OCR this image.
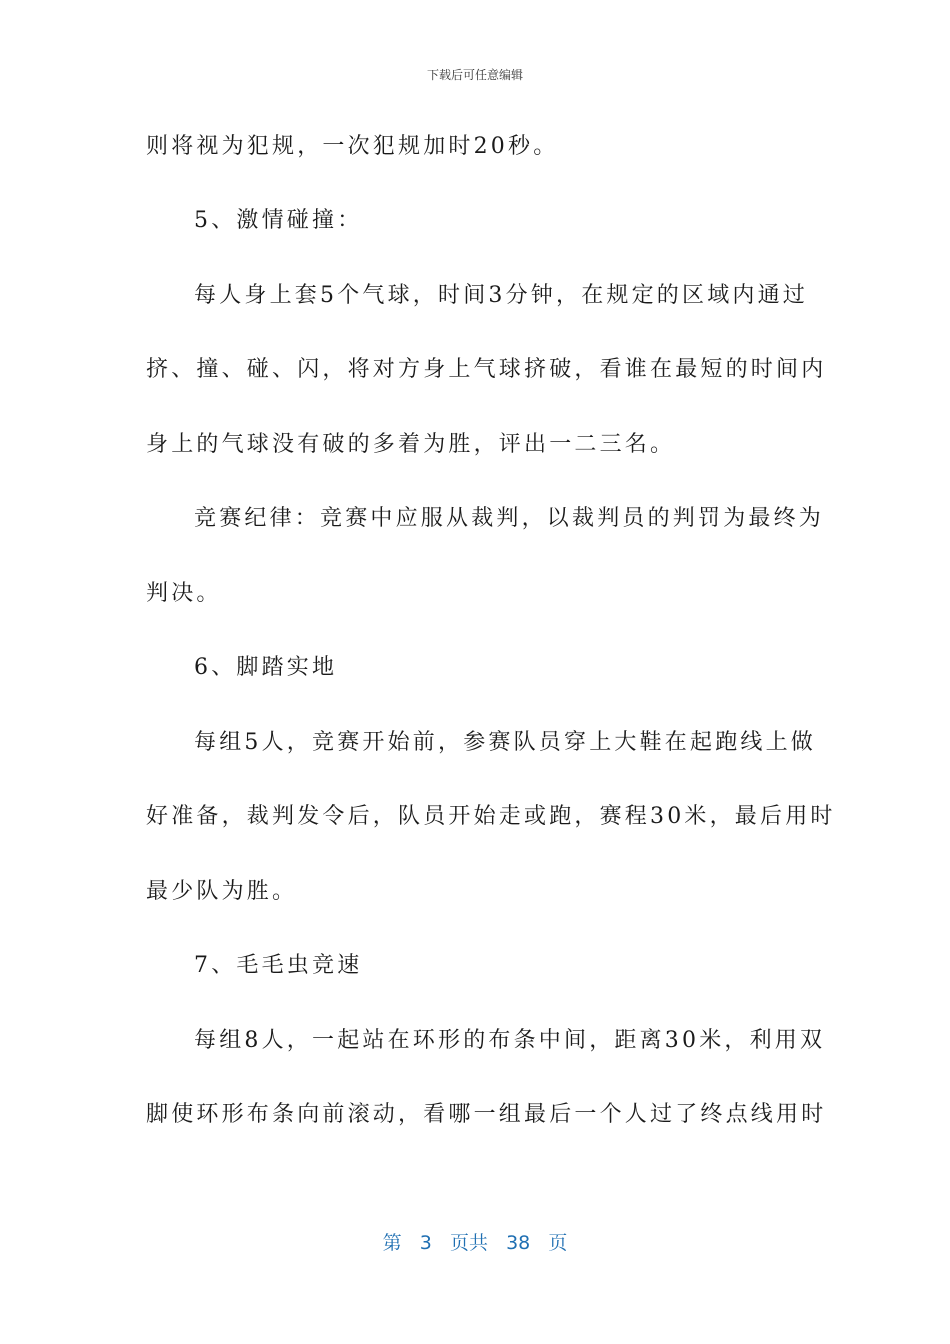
下载后可任意编辑
则将视为犯规，一次犯规加时20秒。
5、激情碰撞：
每人身上套5个气球，时间3分钟，在规定的区域内通过
挤、撞、碰、闪，将对方身上气球挤破，看谁在最短的时间内
身上的气球没有破的多着为胜，评出一二三名。
竞赛纪律：竞赛中应服从裁判，以裁判员的判罚为最终为
判决。
6、脚踏实地
每组5人，竞赛开始前，参赛队员穿上大鞋在起跑线上做
好准备，裁判发令后，队员开始走或跑，赛程30米，最后用时
最少队为胜。
7、毛毛虫竞速
每组8人，一起站在环形的布条中间，距离30米，利用双
脚使环形布条向前滚动，看哪一组最后一个人过了终点线用时
第 3 页共 38 页
